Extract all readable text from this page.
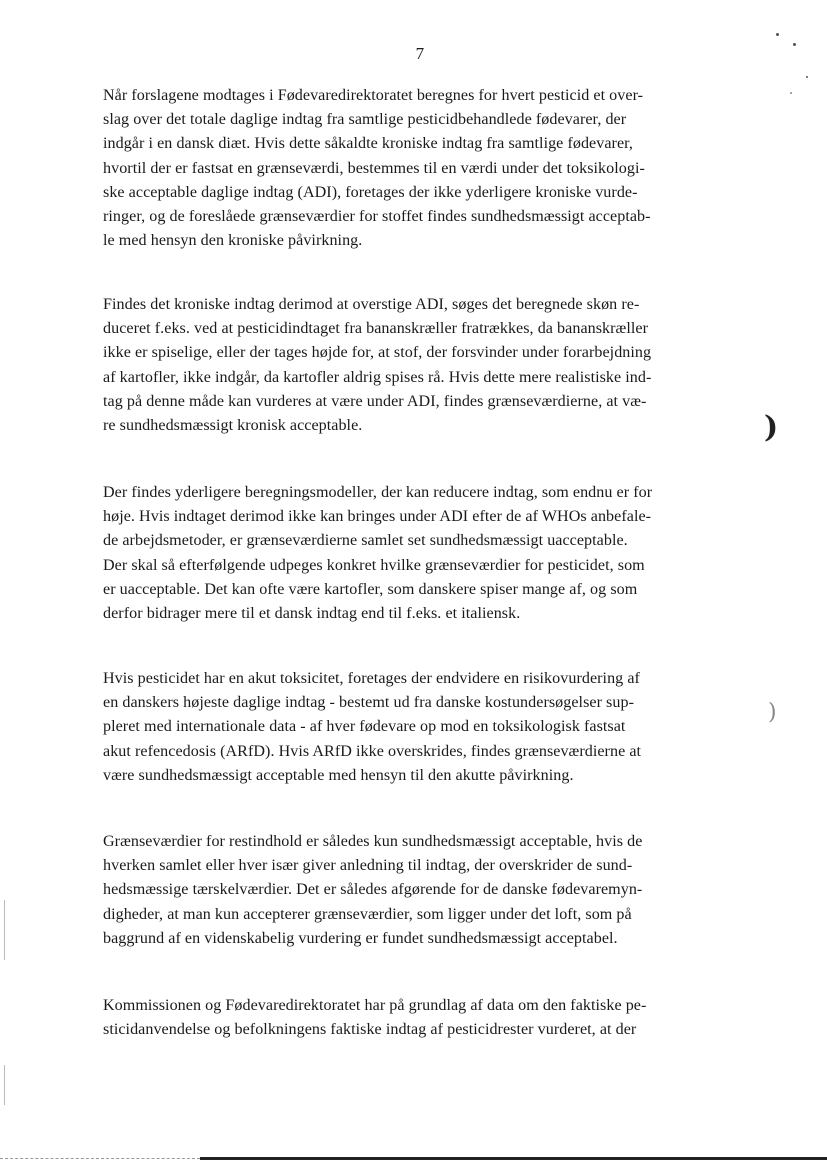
7

Når forslagene modtages i Fødevaredirektoratet beregnes for hvert pesticid et over-
slag over det totale daglige indtag fra samtlige pesticidbehandlede fødevarer, der
indgår i en dansk diæt. Hvis dette såkaldte kroniske indtag fra samtlige fødevarer,
hvortil der er fastsat en grænseværdi, bestemmes til en værdi under det toksikologi-
ske acceptable daglige indtag (ADI), foretages der ikke yderligere kroniske vurde-
ringer, og de foreslåede grænseværdier for stoffet findes sundhedsmæssigt acceptab-
le med hensyn den kroniske påvirkning.

Findes det kroniske indtag derimod at overstige ADI, søges det beregnede skøn re-
duceret f.eks. ved at pesticidindtaget fra bananskræller fratrækkes, da bananskræller
ikke er spiselige, eller der tages højde for, at stof, der forsvinder under forarbejdning
af kartofler, ikke indgår, da kartofler aldrig spises rå. Hvis dette mere realistiske ind-
tag på denne måde kan vurderes at være under ADI, findes grænseværdierne, at væ-
re sundhedsmæssigt kronisk acceptable.

Der findes yderligere beregningsmodeller, der kan reducere indtag, som endnu er for
høje. Hvis indtaget derimod ikke kan bringes under ADI efter de af WHOs anbefale-
de arbejdsmetoder, er grænseværdierne samlet set sundhedsmæssigt uacceptable.
Der skal så efterfølgende udpeges konkret hvilke grænseværdier for pesticidet, som
er uacceptable. Det kan ofte være kartofler, som danskere spiser mange af, og som
derfor bidrager mere til et dansk indtag end til f.eks. et italiensk.

Hvis pesticidet har en akut toksicitet, foretages der endvidere en risikovurdering af
en danskers højeste daglige indtag - bestemt ud fra danske kostundersøgelser sup-
pleret med internationale data - af hver fødevare op mod en toksikologisk fastsat
akut refencedosis (ARfD). Hvis ARfD ikke overskrides, findes grænseværdierne at
være sundhedsmæssigt acceptable med hensyn til den akutte påvirkning.

Grænseværdier for restindhold er således kun sundhedsmæssigt acceptable, hvis de
hverken samlet eller hver især giver anledning til indtag, der overskrider de sund-
hedsmæssige tærskelværdier. Det er således afgørende for de danske fødevaremyn-
digheder, at man kun accepterer grænseværdier, som ligger under det loft, som på
baggrund af en videnskabelig vurdering er fundet sundhedsmæssigt acceptabel.

Kommissionen og Fødevaredirektoratet har på grundlag af data om den faktiske pe-
sticidanvendelse og befolkningens faktiske indtag af pesticidrester vurderet, at der

)
)
